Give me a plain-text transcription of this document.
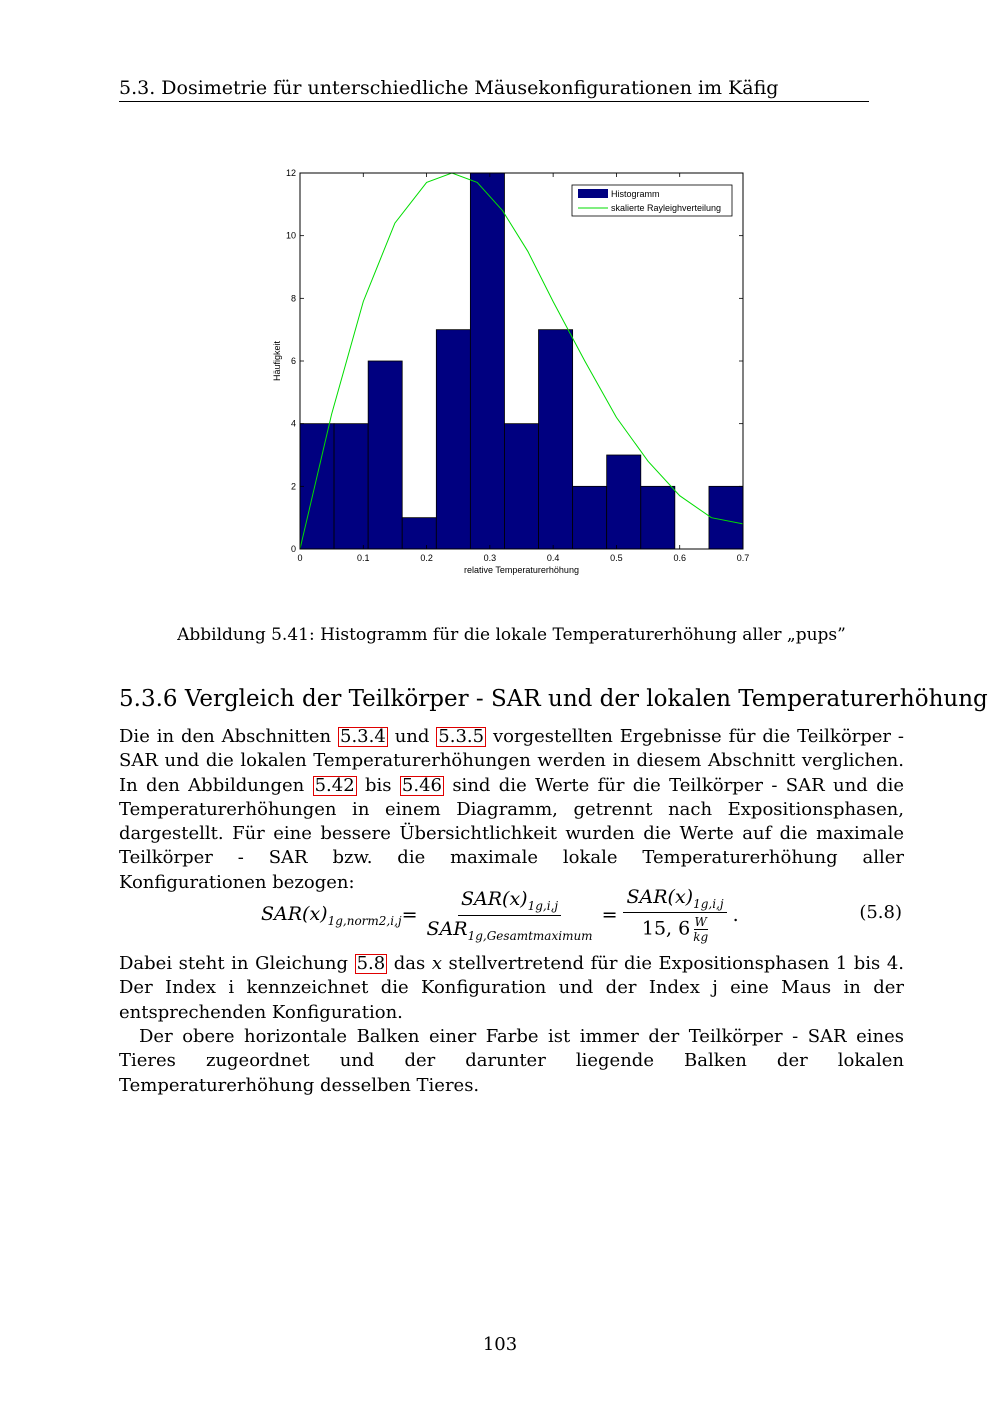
5.3. Dosimetrie für unterschiedliche Mäusekonfigurationen im Käfig
0	0.1	0.2	0.3	0.4	0.5	0.6	0.7
0
2
4
6
8
10
12
relative Temperaturerhöhung
Häufigkeit
Histogramm
skalierte Rayleighverteilung
Abbildung 5.41: Histogramm für die lokale Temperaturerhöhung aller „pups”
5.3.6 Vergleich der Teilkörper - SAR und der lokalen Temperaturerhöhung

Die in den Abschnitten 5.3.4 und 5.3.5 vorgestellten Ergebnisse für die Teilkörper - SAR und die lokalen Temperaturerhöhungen werden in diesem Abschnitt verglichen. In den Abbildungen 5.42 bis 5.46 sind die Werte für die Teilkörper - SAR und die Temperaturerhöhungen in einem Diagramm, getrennt nach Expositionsphasen, dargestellt. Für eine bessere Übersichtlichkeit wurden die Werte auf die maximale Teilkörper - SAR bzw. die maximale lokale Temperaturerhöhung aller Konfigurationen bezogen:

$SAR(x)_{1g,norm2,i,j} = \frac{SAR(x)_{1g,i,j}}{SAR_{1g,Gesamtmaximum}} = \frac{SAR(x)_{1g,i,j}}{15, 6 \frac{W}{kg}}$ .	(5.8)

Dabei steht in Gleichung 5.8 das x stellvertretend für die Expositionsphasen 1 bis 4. Der Index i kennzeichnet die Konfiguration und der Index j eine Maus in der entsprechenden Konfiguration.

Der obere horizontale Balken einer Farbe ist immer der Teilkörper - SAR eines Tieres zugeordnet und der darunter liegende Balken der lokalen Temperaturerhöhung desselben Tieres.

103
